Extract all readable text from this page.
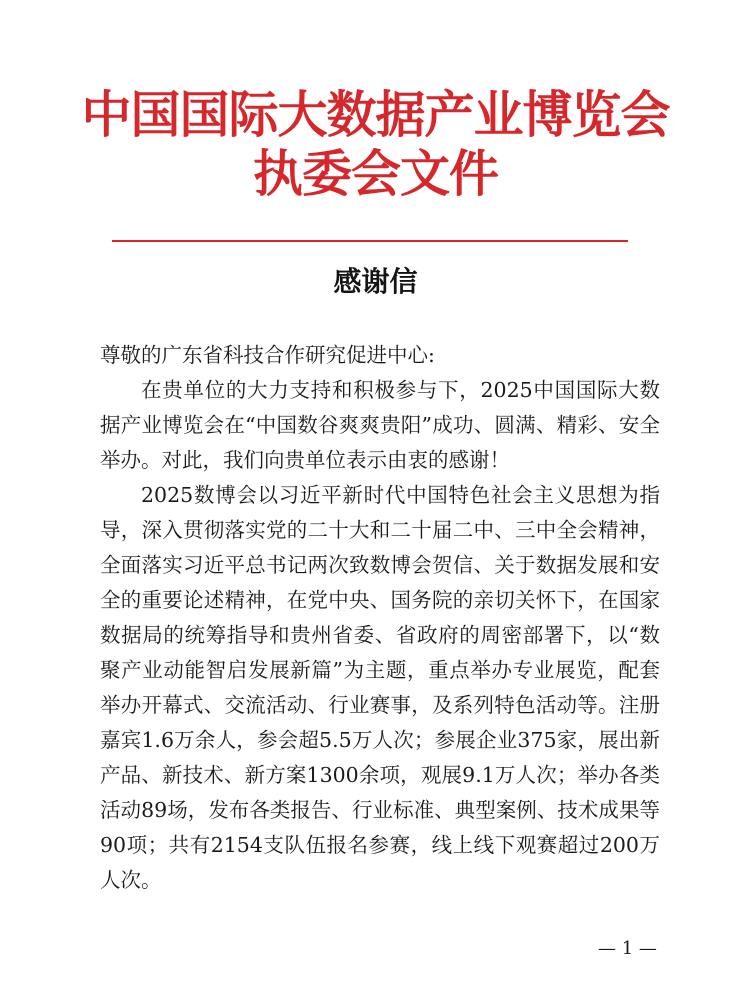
中国国际大数据产业博览会
执委会文件
感谢信

尊敬的广东省科技合作研究促进中心:

在贵单位的大力支持和积极参与下，2025中国国际大数据产业博览会在“中国数谷爽爽贵阳”成功、圆满、精彩、安全举办。对此，我们向贵单位表示由衷的感谢！

2025数博会以习近平新时代中国特色社会主义思想为指导，深入贯彻落实党的二十大和二十届二中、三中全会精神，全面落实习近平总书记两次致数博会贺信、关于数据发展和安全的重要论述精神，在党中央、国务院的亲切关怀下，在国家数据局的统筹指导和贵州省委、省政府的周密部署下，以“数聚产业动能智启发展新篇”为主题，重点举办专业展览，配套举办开幕式、交流活动、行业赛事，及系列特色活动等。注册嘉宾1.6万余人，参会超5.5万人次；参展企业375家，展出新产品、新技术、新方案1300余项，观展9.1万人次；举办各类活动89场，发布各类报告、行业标准、典型案例、技术成果等90项；共有2154支队伍报名参赛，线上线下观赛超过200万人次。

— 1 —
